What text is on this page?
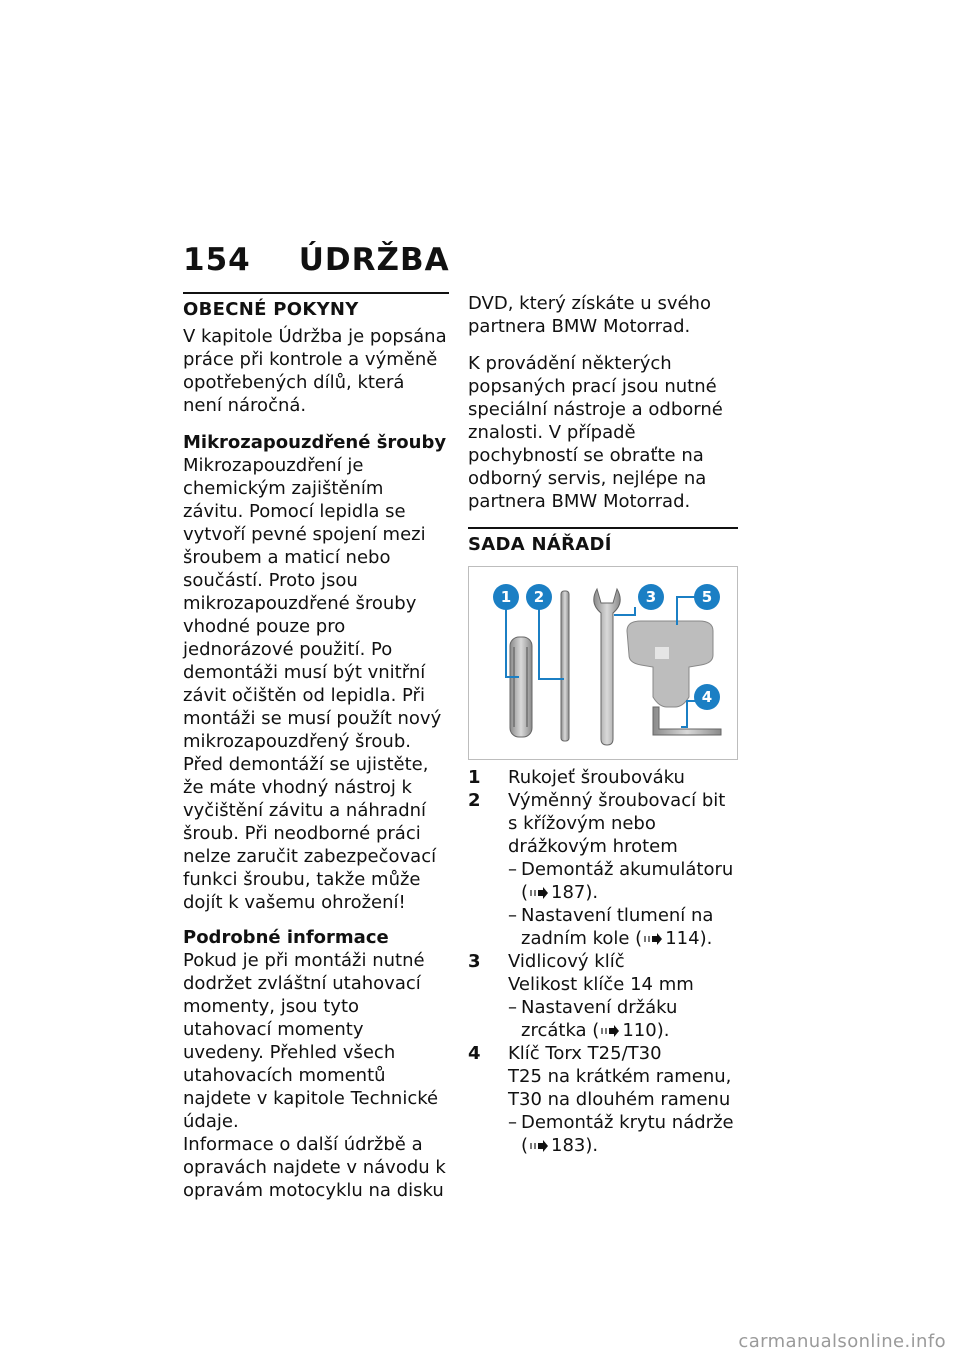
154 ÚDRŽBA
OBECNÉ POKYNY

V kapitole Údržba je popsána práce při kontrole a výměně opotřebených dílů, která není náročná.

Mikrozapouzdřené šrouby
Mikrozapouzdření je chemickým zajištěním závitu. Pomocí lepidla se vytvoří pevné spojení mezi šroubem a maticí nebo součástí. Proto jsou mikrozapouzdřené šrouby vhodné pouze pro jednorázové použití. Po demontáži musí být vnitřní závit očištěn od lepidla. Při montáži se musí použít nový mikrozapouzdřený šroub. Před demontáží se ujistěte, že máte vhodný nástroj k vyčištění závitu a náhradní šroub. Při neodborné práci nelze zaručit zabezpečovací funkci šroubu, takže může dojít k vašemu ohrožení!
Podrobné informace
Pokud je při montáži nutné dodržet zvláštní utahovací momenty, jsou tyto utahovací momenty uvedeny. Přehled všech utahovacích momentů najdete v kapitole Technické údaje.
Informace o další údržbě a opravách najdete v návodu k opravám motocyklu na disku

DVD, který získáte u svého partnera BMW Motorrad.

K provádění některých popsaných prací jsou nutné speciální nástroje a odborné znalosti. V případě pochybností se obraťte na odborný servis, nejlépe na partnera BMW Motorrad.

SADA NÁŘADÍ
1 2	3	5
4
1	Rukojeť šroubováku
2	Výměnný šroubovací bit
s křížovým nebo drážkovým hrotem
– Demontáž akumulátoru ( 187).
– Nastavení tlumení na zadním kole ( 114).
3	Vidlicový klíč
Velikost klíče 14 mm
– Nastavení držáku zrcátka ( 110).
4	Klíč Torx T25/T30
T25 na krátkém ramenu,
T30 na dlouhém ramenu
– Demontáž krytu nádrže ( 183).
carmanualsonline.info
